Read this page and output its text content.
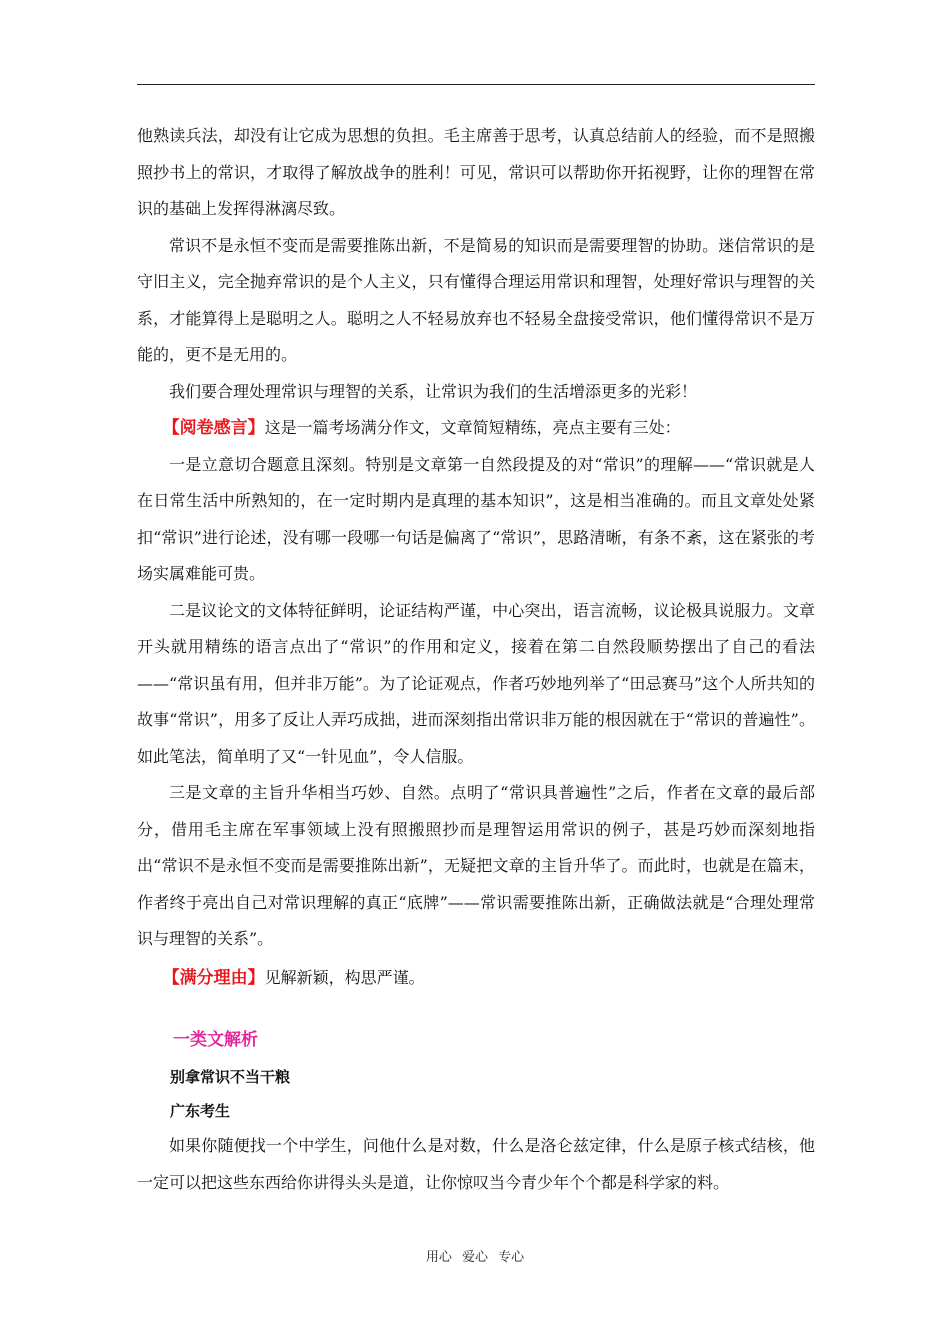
他熟读兵法，却没有让它成为思想的负担。毛主席善于思考，认真总结前人的经验，而不是照搬照抄书上的常识，才取得了解放战争的胜利！可见，常识可以帮助你开拓视野，让你的理智在常识的基础上发挥得淋漓尽致。

常识不是永恒不变而是需要推陈出新，不是简易的知识而是需要理智的协助。迷信常识的是守旧主义，完全抛弃常识的是个人主义，只有懂得合理运用常识和理智，处理好常识与理智的关系，才能算得上是聪明之人。聪明之人不轻易放弃也不轻易全盘接受常识，他们懂得常识不是万能的，更不是无用的。

我们要合理处理常识与理智的关系，让常识为我们的生活增添更多的光彩！

【阅卷感言】这是一篇考场满分作文，文章简短精练，亮点主要有三处：

一是立意切合题意且深刻。特别是文章第一自然段提及的对“常识”的理解——“常识就是人在日常生活中所熟知的，在一定时期内是真理的基本知识”，这是相当准确的。而且文章处处紧扣“常识”进行论述，没有哪一段哪一句话是偏离了“常识”，思路清晰，有条不紊，这在紧张的考场实属难能可贵。

二是议论文的文体特征鲜明，论证结构严谨，中心突出，语言流畅，议论极具说服力。文章开头就用精练的语言点出了“常识”的作用和定义，接着在第二自然段顺势摆出了自己的看法——“常识虽有用，但并非万能”。为了论证观点，作者巧妙地列举了“田忌赛马”这个人所共知的故事“常识”，用多了反让人弄巧成拙，进而深刻指出常识非万能的根因就在于“常识的普遍性”。如此笔法，简单明了又“一针见血”，令人信服。

三是文章的主旨升华相当巧妙、自然。点明了“常识具普遍性”之后，作者在文章的最后部分，借用毛主席在军事领域上没有照搬照抄而是理智运用常识的例子，甚是巧妙而深刻地指出“常识不是永恒不变而是需要推陈出新”，无疑把文章的主旨升华了。而此时，也就是在篇末，作者终于亮出自己对常识理解的真正“底牌”——常识需要推陈出新，正确做法就是“合理处理常识与理智的关系”。

【满分理由】见解新颖，构思严谨。

一类文解析
别拿常识不当干粮
广东考生

如果你随便找一个中学生，问他什么是对数，什么是洛仑兹定律，什么是原子核式结核，他一定可以把这些东西给你讲得头头是道，让你惊叹当今青少年个个都是科学家的料。

用心 爱心 专心
